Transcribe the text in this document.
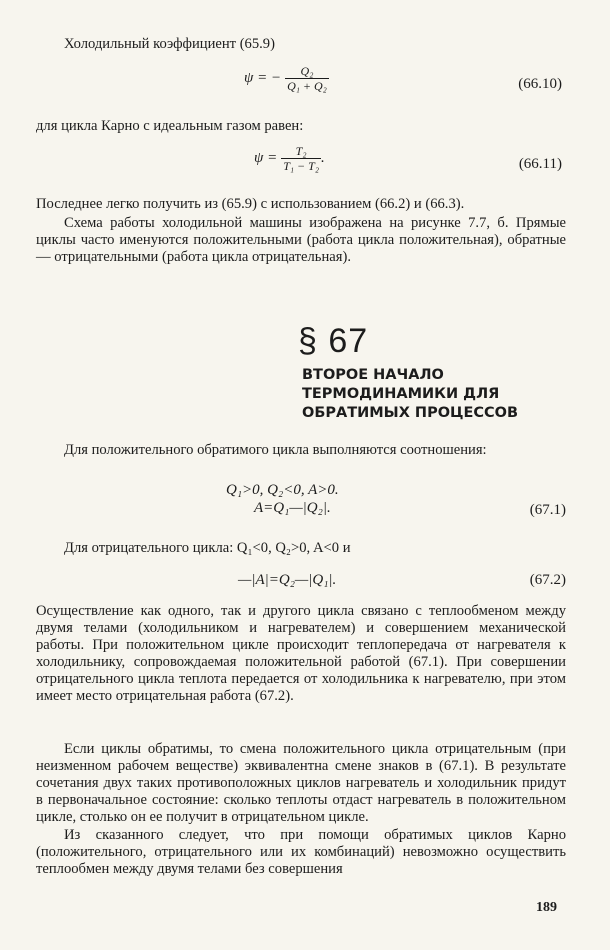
Холодильный коэффициент (65.9)

ψ = − $\frac{\text{Q₂}}{\text{Q₁ + Q₂}}$	(66.10)

для цикла Карно с идеальным газом равен:

$\psi = \frac{\text{T₂}}{\text{T₁ − T₂}}$ .	(66.11)

Последнее легко получить из (65.9) с использованием (66.2) и (66.3).

Схема работы холодильной машины изображена на рисунке 7.7, б. Прямые циклы часто именуются положительными (работа цикла положительная), обратные — отрицательными (работа цикла отрицательная).

§ 67
ВТОРОЕ НАЧАЛО
ТЕРМОДИНАМИКИ ДЛЯ
ОБРАТИМЫХ ПРОЦЕССОВ

Для положительного обратимого цикла выполняются соотношения:

Q₁>0, Q₂<0, A>0.
A=Q₁—|Q₂|.	(67.1)

Для отрицательного цикла: Q₁<0, Q₂>0, A<0 и

—|A|=Q₂—|Q₁|.	(67.2)

Осуществление как одного, так и другого цикла связано с теплообменом между двумя телами (холодильником и нагревателем) и совершением механической работы. При положительном цикле происходит теплопередача от нагревателя к холодильнику, сопровождаемая положительной работой (67.1). При совершении отрицательного цикла теплота передается от холодильника к нагревателю, при этом имеет место отрицательная работа (67.2).

Если циклы обратимы, то смена положительного цикла отрицательным (при неизменном рабочем веществе) эквивалентна смене знаков в (67.1). В результате сочетания двух таких противоположных циклов нагреватель и холодильник придут в первоначальное состояние: сколько теплоты отдаст нагреватель в положительном цикле, столько он ее получит в отрицательном цикле.

Из сказанного следует, что при помощи обратимых циклов Карно (положительного, отрицательного или их комбинаций) невозможно осуществить теплообмен между двумя телами без совершения

189
